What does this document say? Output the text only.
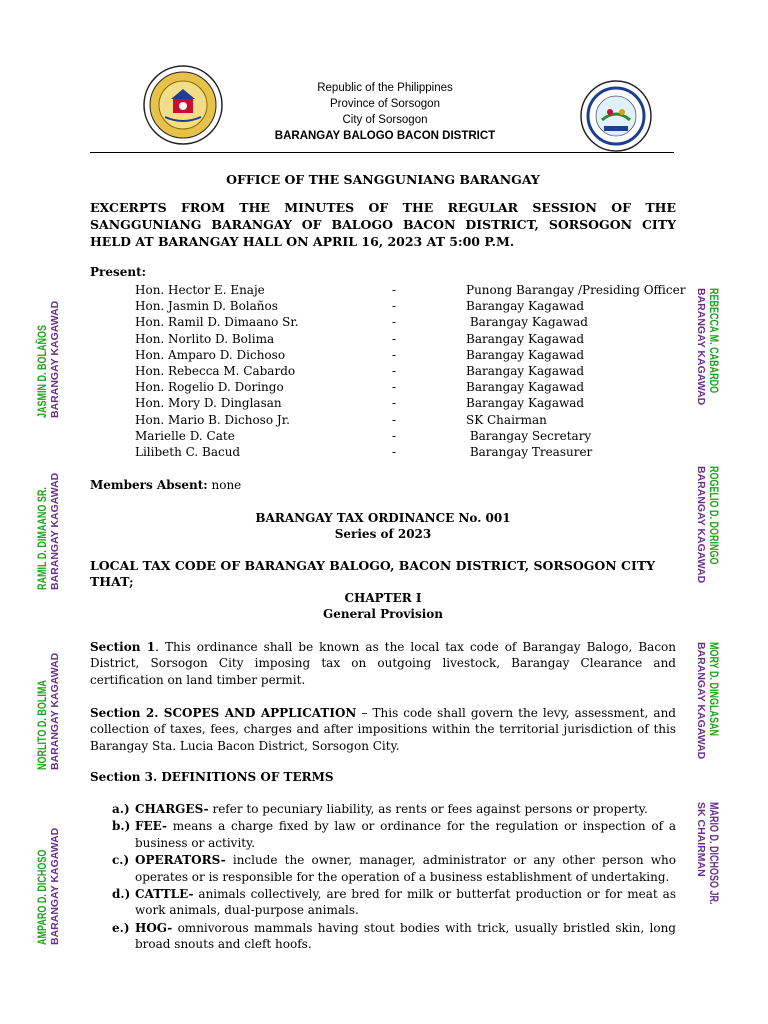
Republic of the Philippines
Province of Sorsogon
City of Sorsogon
BARANGAY BALOGO BACON DISTRICT
OFFICE OF THE SANGGUNIANG BARANGAY
EXCERPTS FROM THE MINUTES OF THE REGULAR SESSION OF THE SANGGUNIANG BARANGAY OF BALOGO BACON DISTRICT, SORSOGON CITY HELD AT BARANGAY HALL ON APRIL 16, 2023 AT 5:00 P.M.
Present:
Hon. Hector E. Enaje	-	Punong Barangay /Presiding Officer
Hon. Jasmin D. Bolaños	-	Barangay Kagawad
Hon. Ramil D. Dimaano Sr.	-	Barangay Kagawad
Hon. Norlito D. Bolima	-	Barangay Kagawad
Hon. Amparo D. Dichoso	-	Barangay Kagawad
Hon. Rebecca M. Cabardo	-	Barangay Kagawad
Hon. Rogelio D. Doringo	-	Barangay Kagawad
Hon. Mory D. Dinglasan	-	Barangay Kagawad
Hon. Mario B. Dichoso Jr.	-	SK Chairman
Marielle D. Cate	-	Barangay Secretary
Lilibeth C. Bacud	-	Barangay Treasurer
Members Absent: none
BARANGAY TAX ORDINANCE No. 001
Series of 2023
LOCAL TAX CODE OF BARANGAY BALOGO, BACON DISTRICT, SORSOGON CITY THAT;
CHAPTER I
General Provision
Section 1. This ordinance shall be known as the local tax code of Barangay Balogo, Bacon District, Sorsogon City imposing tax on outgoing livestock, Barangay Clearance and certification on land timber permit.
Section 2. SCOPES AND APPLICATION – This code shall govern the levy, assessment, and collection of taxes, fees, charges and after impositions within the territorial jurisdiction of this Barangay Sta. Lucia Bacon District, Sorsogon City.
Section 3. DEFINITIONS OF TERMS
a.) CHARGES- refer to pecuniary liability, as rents or fees against persons or property.
b.) FEE- means a charge fixed by law or ordinance for the regulation or inspection of a business or activity.
c.) OPERATORS- include the owner, manager, administrator or any other person who operates or is responsible for the operation of a business establishment of undertaking.
d.) CATTLE- animals collectively, are bred for milk or butterfat production or for meat as work animals, dual-purpose animals.
e.) HOG- omnivorous mammals having stout bodies with trick, usually bristled skin, long broad snouts and cleft hoofs.
JASMIN D. BOLAÑOS BARANGAY KAGAWAD
RAMIL D. DIMAANO SR. BARANGAY KAGAWAD
NORLITO D. BOLIMA BARANGAY KAGAWAD
AMPARO D. DICHOSO BARANGAY KAGAWAD
REBECCA M. CABARDO
BARANGAY KAGAWAD
ROGELIO D. DORINGO
BARANGAY KAGAWAD
MORY D. DINGLASAN
BARANGAY KAGAWAD
MARIO D. DICHOSO JR.
SK CHAIRMAN
